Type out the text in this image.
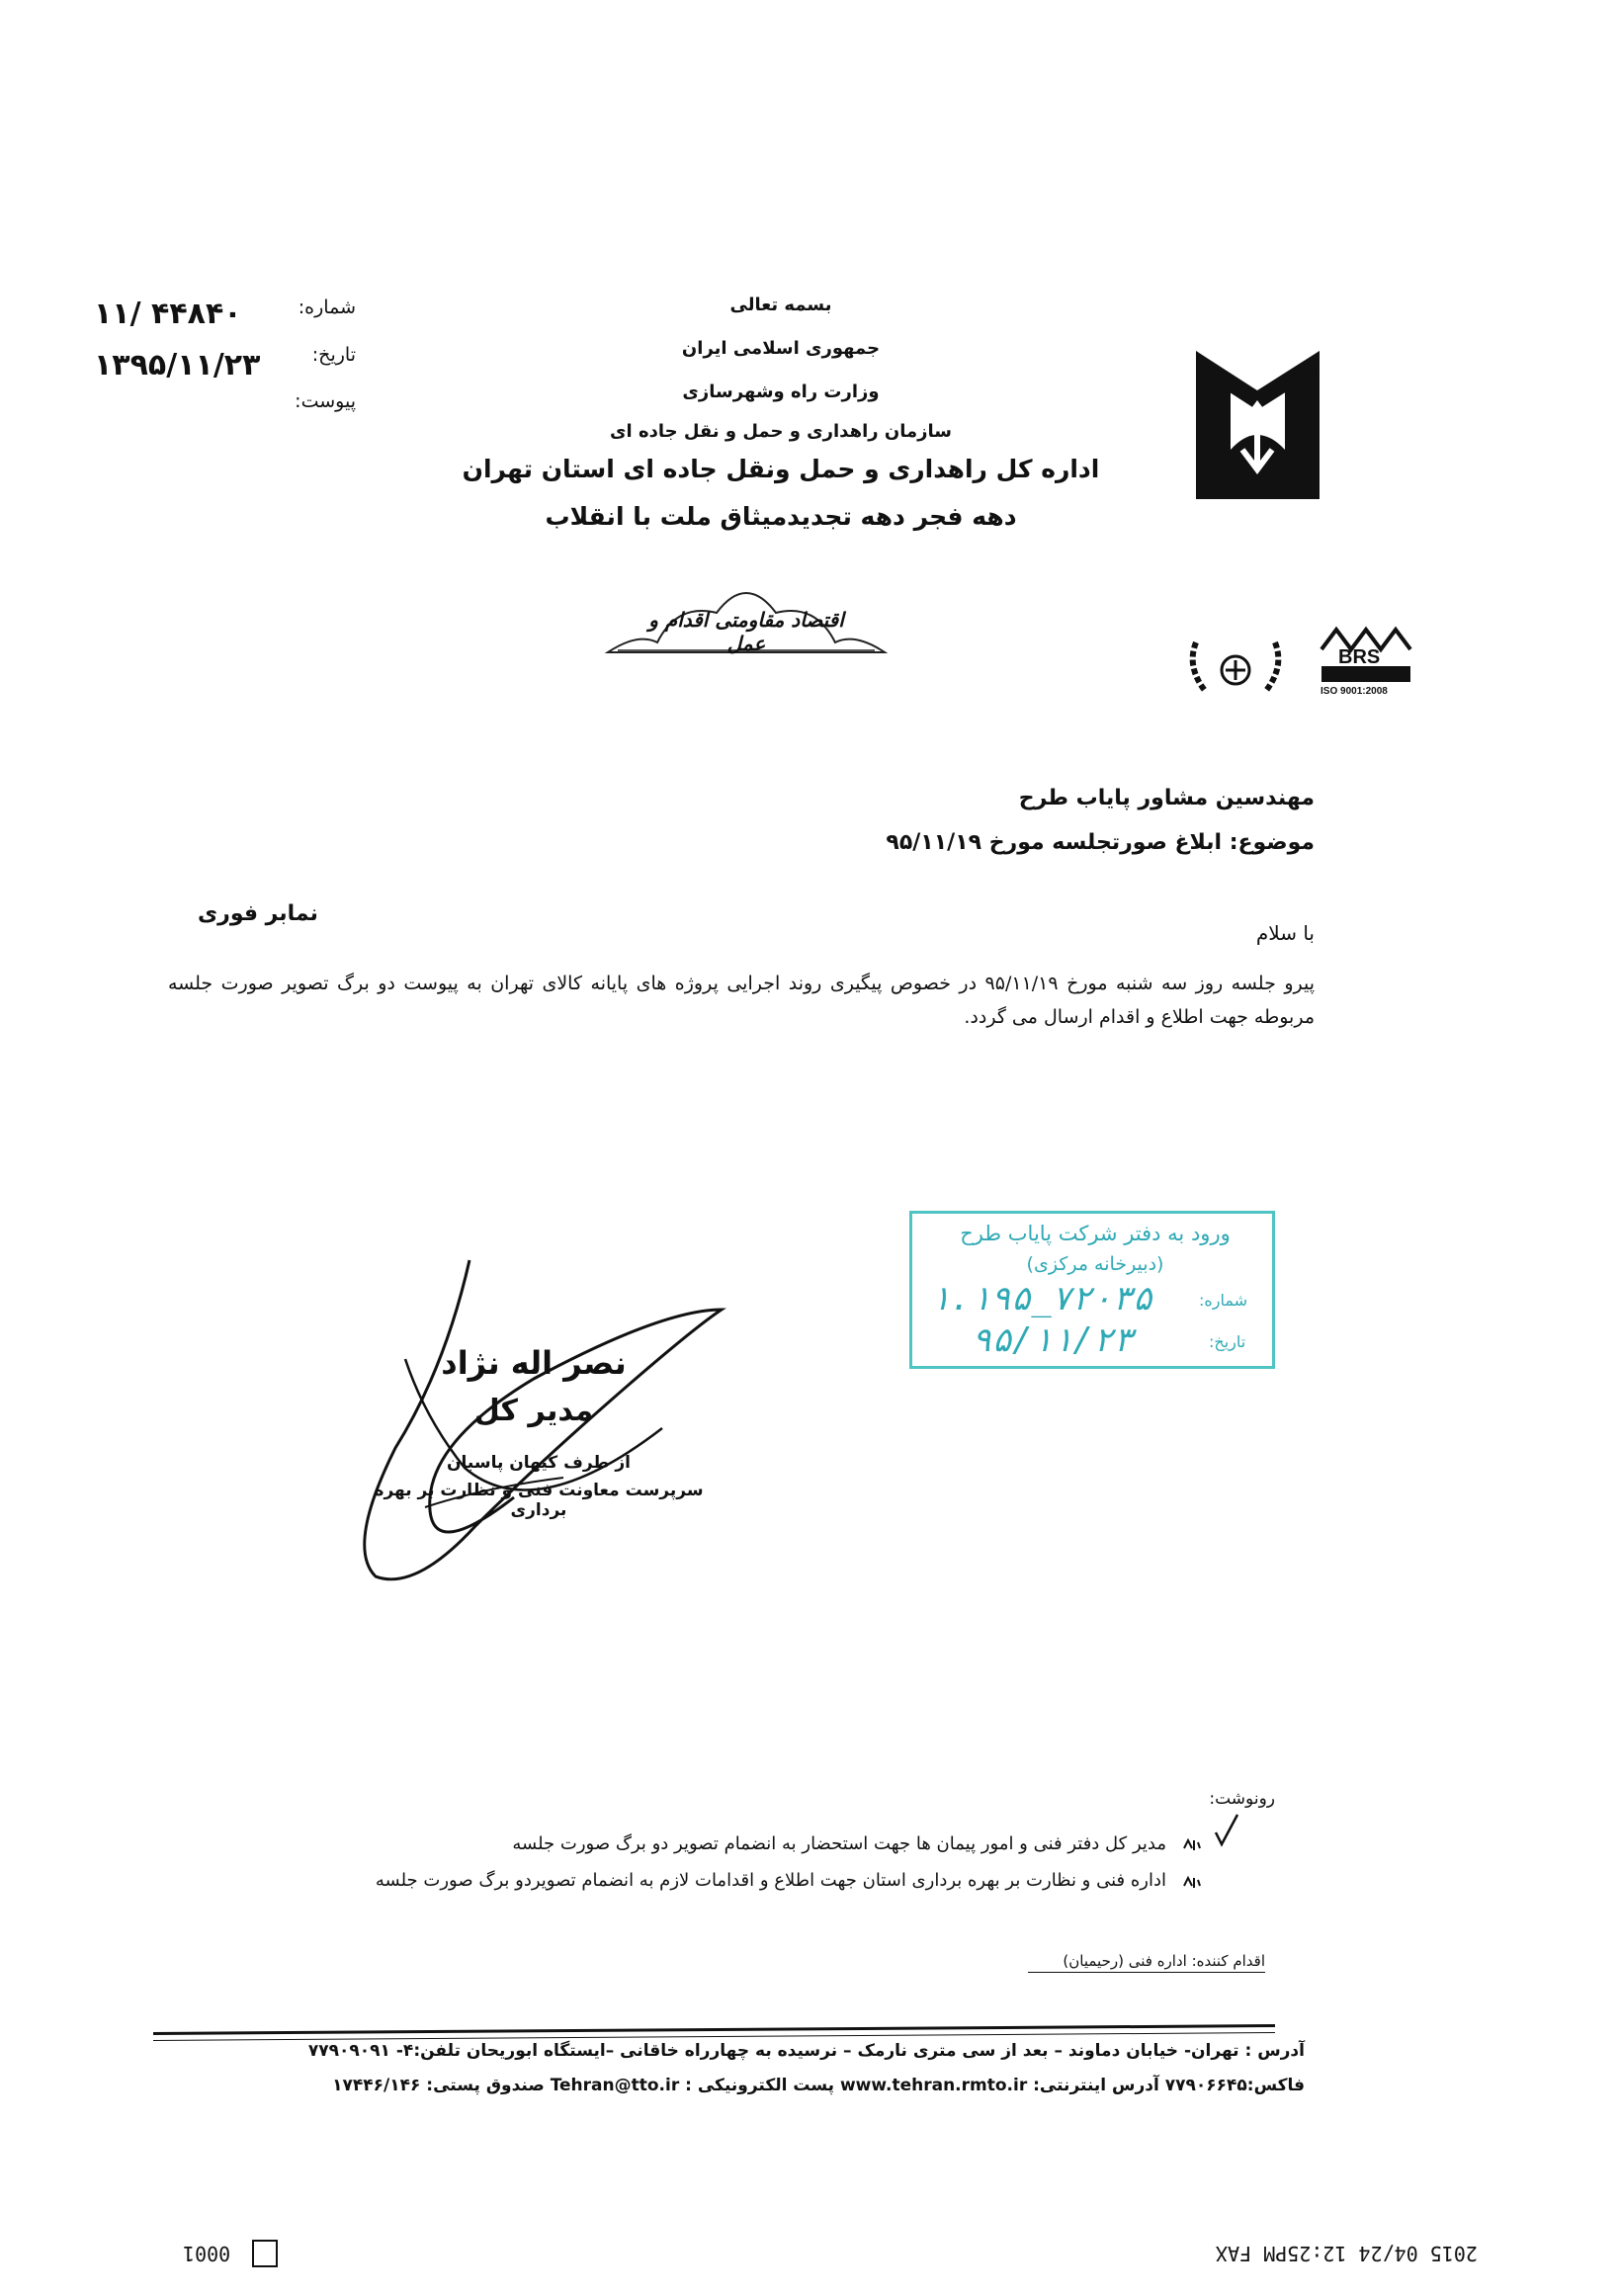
شماره:
۱۱/ ۴۴۸۴۰
تاریخ:
۱۳۹۵/۱۱/۲۳
پیوست:
بسمه تعالی
جمهوری اسلامی ایران
وزارت راه وشهرسازی
سازمان راهداری و حمل و نقل جاده ای
اداره کل راهداری و حمل ونقل جاده ای استان تهران
دهه فجر دهه تجدیدمیثاق ملت با انقلاب
اقتصاد مقاومتی اقدام و عمل
BRS
ISO 9001:2008
مهندسین مشاور پایاب طرح
موضوع: ابلاغ صورتجلسه مورخ ۹۵/۱۱/۱۹
نمابر فوری
با سلام
پیرو جلسه روز سه شنبه مورخ ۹۵/۱۱/۱۹ در خصوص پیگیری روند اجرایی پروژه های پایانه کالای تهران به پیوست دو برگ تصویر صورت جلسه مربوطه جهت اطلاع و اقدام ارسال می گردد.
ورود به دفتر شرکت پایاب طرح
(دبیرخانه مرکزی)
شماره:
۱.۱۹۵_۷۲۰۳۵
تاریخ:
۹۵/۱۱/۲۳
نصر اله نژاد
مدیر کل
از طرف کیهان پاسبان
سرپرست معاونت فنی و نظارت بر بهره برداری
رونوشت:
مدیر کل دفتر فنی و امور پیمان ها جهت استحضار به انضمام تصویر دو برگ صورت جلسه
اداره فنی و نظارت بر بهره برداری استان جهت اطلاع و اقدامات لازم به انضمام تصویردو برگ صورت جلسه
اقدام کننده: اداره فنی (رحیمیان)
آدرس : تهران- خیابان دماوند – بعد از سی متری نارمک – نرسیده به چهارراه خاقانی –ایستگاه ابوریحان تلفن:۴- ۷۷۹۰۹۰۹۱
فاکس:۷۷۹۰۶۶۴۵ آدرس اینترنتی: www.tehran.rmto.ir پست الکترونیکی : Tehran@tto.ir صندوق پستی: ۱۷۴۴۶/۱۴۶
0001	2015 04/24 12:25PM FAX
